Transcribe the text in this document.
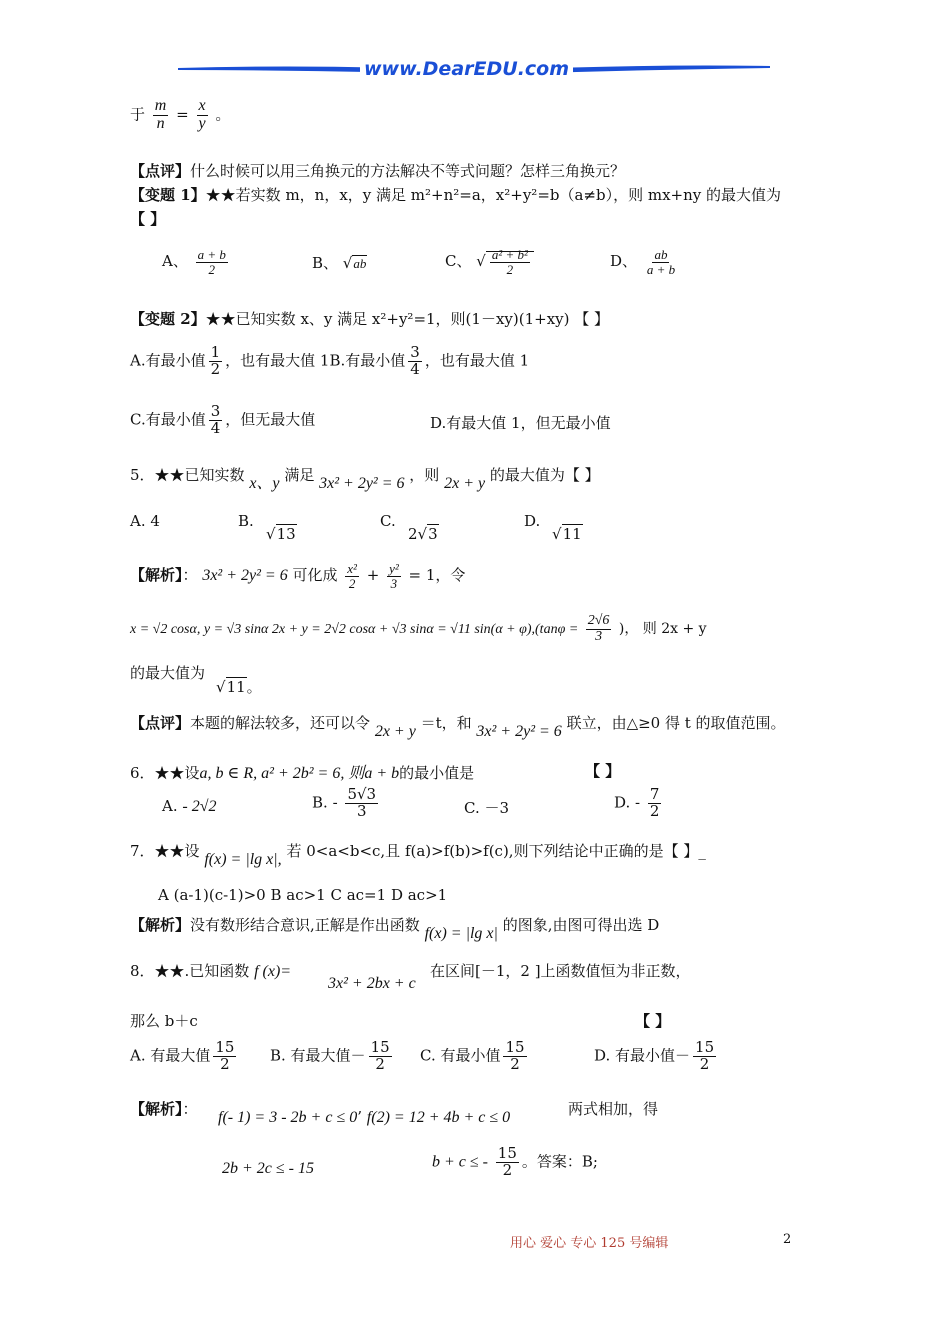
www.DearEDU.com
于 $\frac{m}{n} = \frac{x}{y}$ 。
【点评】什么时候可以用三角换元的方法解决不等式问题？怎样三角换元？
【变题 1】★★若实数 m，n，x，y 满足 m²+n²=a，x²+y²=b（a≠b），则 mx+ny 的最大值为
【 】
A、 $\frac{a + b}{2}$	B、 √ab	C、 √ $\frac{\text{a² + b²}}{2}$	D、 $\frac{ab}{a + b}$
【变题 2】★★已知实数 x、y 满足 x²+y²=1，则(1－xy)(1+xy) 【 】
A.有最小值 $\frac{1}{2}$ ，也有最大值 1B.有最小值 $\frac{3}{4}$ ，也有最大值 1
C.有最小值 $\frac{3}{4}$ ，但无最大值	D.有最大值 1，但无最小值
5．★★已知实数 x、y 满足 3x² + 2y² = 6 ，则 2x + y 的最大值为【 】
A. 4	B.
√13
C.
2√3
D.
√11
【解析】： 3x² + 2y² = 6 可化成 $\frac{\text{x²}}{2} + \frac{\text{y²}}{3} = 1$，令
x = √2 cosα, y = √3 sinα 2x + y = 2√2 cosα + √3 sinα = √11 $\sin(\alpha + \varphi),(\tan\varphi = \frac{2√6}{3}$ )， 则 2x + y
的最大值为
√11。
【点评】本题的解法较多，还可以令 2x + y ＝t，和 3x² + 2y² = 6 联立，由△≥0 得 t 的取值范围。
6．★★设a, b ∈ R, a² + 2b² = 6, 则a + b的最小值是	【 】
A. - 2√2	B. - $\frac{5√3}{3}$	C. －3	D. - $\frac{7}{2}$
7．★★设 f(x) = |lg x|, 若 0<a<b<c,且 f(a)>f(b)>f(c),则下列结论中正确的是【 】_
A (a-1)(c-1)>0 B ac>1 C ac=1 D ac>1
【解析】没有数形结合意识,正解是作出函数 f(x) = |lg x| 的图象,由图可得出选 D
8．★★.已知函数 f (x)=
3x² + 2bx + c
在区间[－1，2 ]上函数值恒为非正数，
那么 b＋c	【 】
A. 有最大值 $\frac{15}{2} B$. 有最大值－ $\frac{15}{2} C$. 有最小值 $\frac{15}{2}$	D. 有最小值－ $\frac{15}{2}$
【解析】： f(- 1) = 3 - 2b + c ≤ 0’ f(2) = 12 + 4b + c ≤ 0	两式相加，得
2b + 2c ≤ - 15	b + c ≤ - $\frac{15}{2}$ 。答案：B;
用心 爱心 专心 125 号编辑	2
